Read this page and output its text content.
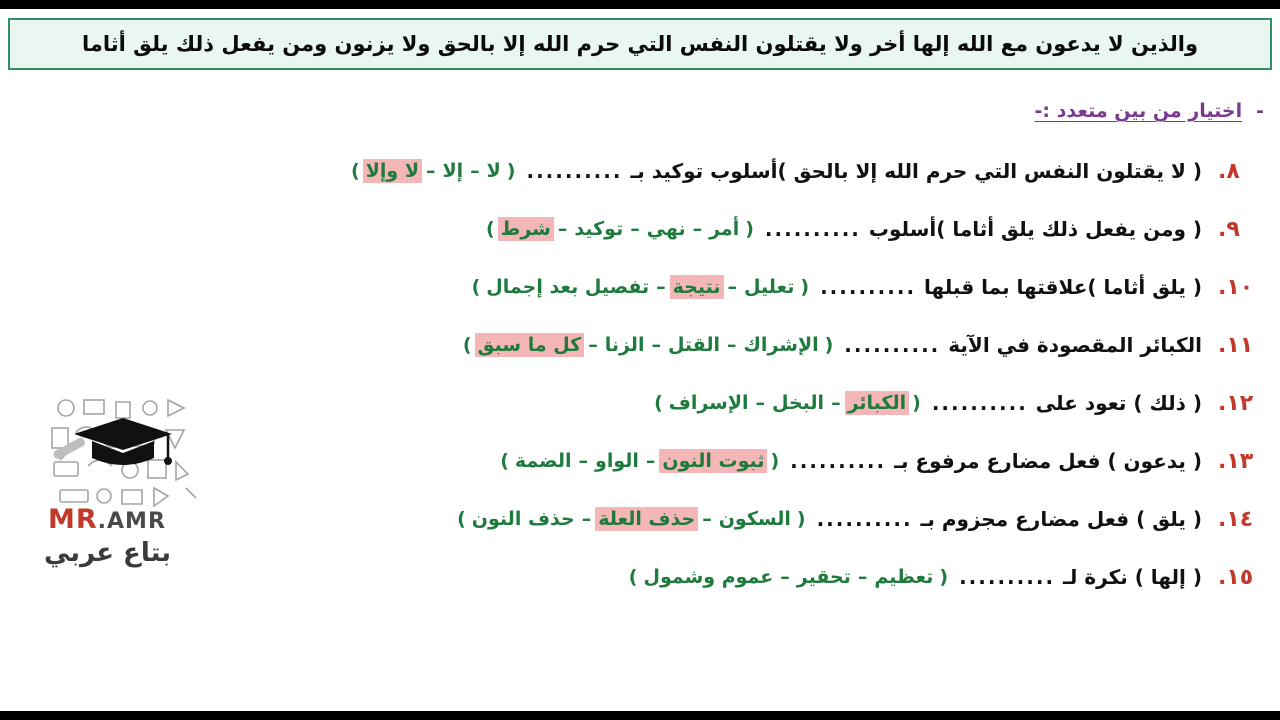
والذين لا يدعون مع الله إلها أخر ولا يقتلون النفس التي حرم الله إلا بالحق ولا يزنون ومن يفعل ذلك يلق أثاما
-
اختيار من بين متعدد :-
٨.
( لا يقتلون النفس التي حرم الله إلا بالحق )أسلوب توكيد بـ
..........
(
لا
–
إلا
–
لا وإلا
)
٩.
( ومن يفعل ذلك يلق أثاما )أسلوب
..........
(
أمر
–
نهي
–
توكيد
–
شرط
)
١٠.
( يلق أثاما )علاقتها بما قبلها
..........
(
تعليل
–
نتيجة
–
تفصيل بعد إجمال
)
١١.
الكبائر المقصودة في الآية
..........
(
الإشراك
–
القتل
–
الزنا
–
كل ما سبق
)
١٢.
( ذلك ) تعود على
..........
(
الكبائر
–
البخل
–
الإسراف
)
١٣.
( يدعون ) فعل مضارع مرفوع بـ
..........
(
ثبوت النون
–
الواو
–
الضمة
)
١٤.
( يلق ) فعل مضارع مجزوم بـ
..........
(
السكون
–
حذف العلة
–
حذف النون
)
١٥.
( إلها ) نكرة لـ
..........
(
تعظيم
–
تحقير
–
عموم وشمول
)
MR.AMR
بتاع عربي
